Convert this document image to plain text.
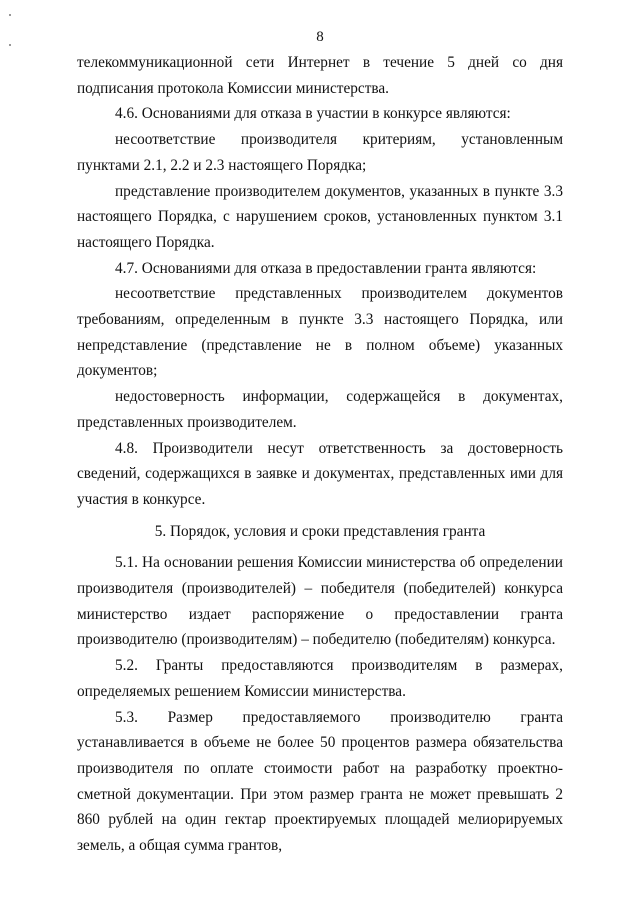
8

телекоммуникационной сети Интернет в течение 5 дней со дня подписания протокола Комиссии министерства.

4.6. Основаниями для отказа в участии в конкурсе являются:

несоответствие производителя критериям, установленным пунктами 2.1, 2.2 и 2.3 настоящего Порядка;

представление производителем документов, указанных в пункте 3.3 настоящего Порядка, с нарушением сроков, установленных пунктом 3.1 настоящего Порядка.

4.7. Основаниями для отказа в предоставлении гранта являются:

несоответствие представленных производителем документов требованиям, определенным в пункте 3.3 настоящего Порядка, или непредставление (представление не в полном объеме) указанных документов;

недостоверность информации, содержащейся в документах, представленных производителем.

4.8. Производители несут ответственность за достоверность сведений, содержащихся в заявке и документах, представленных ими для участия в конкурсе.

5. Порядок, условия и сроки представления гранта

5.1. На основании решения Комиссии министерства об определении производителя (производителей) – победителя (победителей) конкурса министерство издает распоряжение о предоставлении гранта производителю (производителям) – победителю (победителям) конкурса.

5.2. Гранты предоставляются производителям в размерах, определяемых решением Комиссии министерства.

5.3. Размер предоставляемого производителю гранта устанавливается в объеме не более 50 процентов размера обязательства производителя по оплате стоимости работ на разработку проектно-сметной документации. При этом размер гранта не может превышать 2 860 рублей на один гектар проектируемых площадей мелиорируемых земель, а общая сумма грантов,
